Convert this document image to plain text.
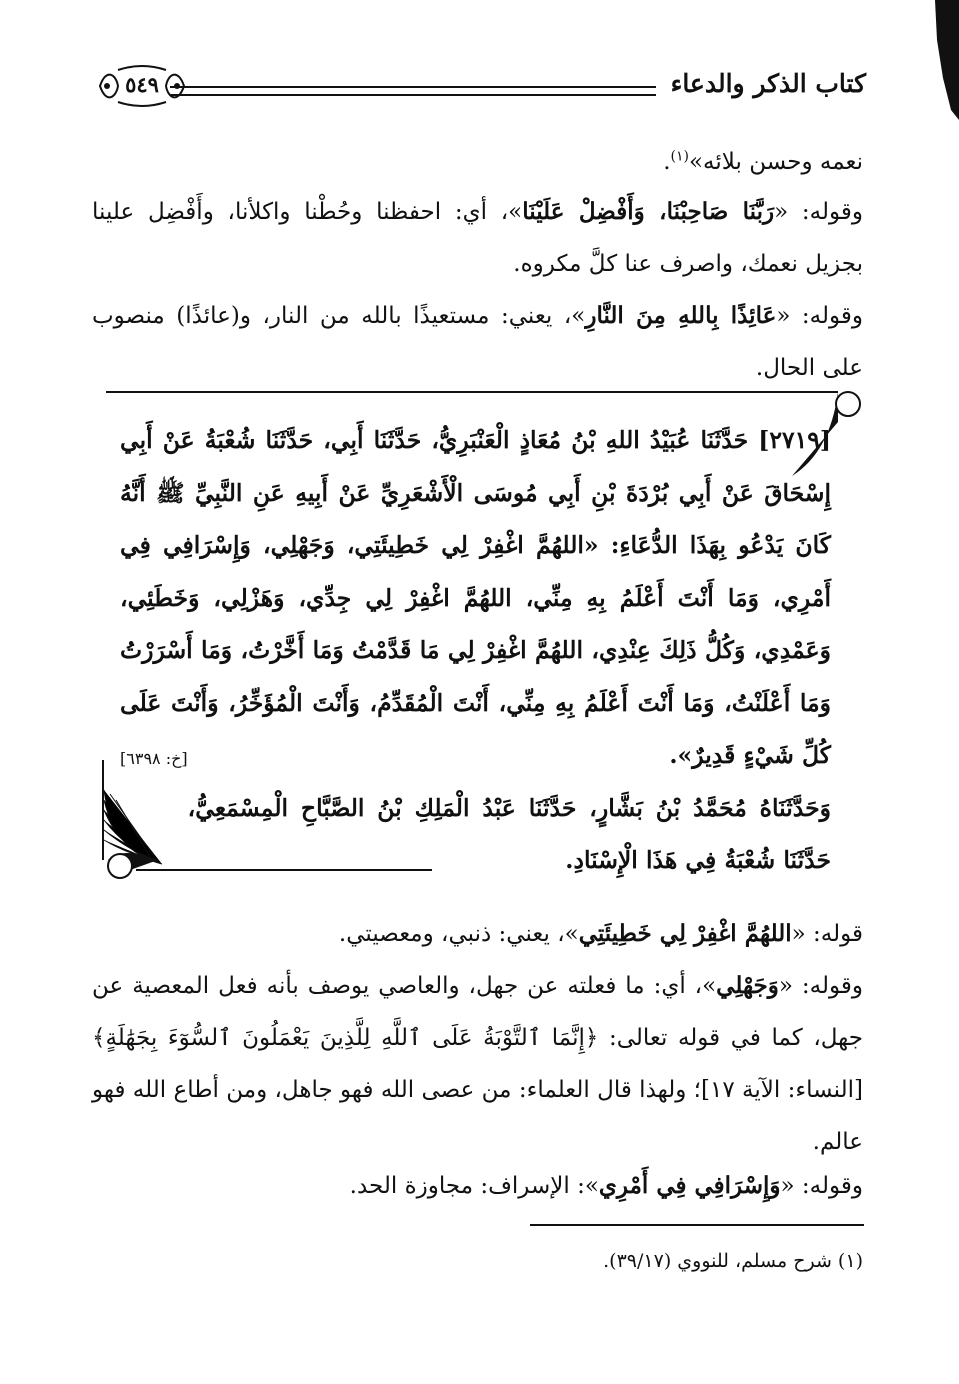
كتاب الذكر والدعاء
٥٤٩

نعمه وحسن بلائه»$^{(١)}$.

وقوله: «رَبَّنَا صَاحِبْنَا، وَأَفْضِلْ عَلَيْنَا»، أي: احفظنا وحُطْنا واكلأنا، وأَفْضِل علينا بجزيل نعمك، واصرف عنا كلَّ مكروه.

وقوله: «عَائِذًا بِاللهِ مِنَ النَّارِ»، يعني: مستعيذًا بالله من النار، و(عائذًا) منصوب على الحال.

[٢٧١٩] حَدَّثَنَا عُبَيْدُ اللهِ بْنُ مُعَاذٍ الْعَنْبَرِيُّ، حَدَّثَنَا أَبِي، حَدَّثَنَا شُعْبَةُ عَنْ أَبِي إِسْحَاقَ عَنْ أَبِي بُرْدَةَ بْنِ أَبِي مُوسَى الْأَشْعَرِيِّ عَنْ أَبِيهِ عَنِ النَّبِيِّ ﷺ أَنَّهُ كَانَ يَدْعُو بِهَذَا الدُّعَاءِ: «اللهُمَّ اغْفِرْ لِي خَطِيئَتِي، وَجَهْلِي، وَإِسْرَافِي فِي أَمْرِي، وَمَا أَنْتَ أَعْلَمُ بِهِ مِنِّي، اللهُمَّ اغْفِرْ لِي جِدِّي، وَهَزْلِي، وَخَطَئِي، وَعَمْدِي، وَكُلُّ ذَلِكَ عِنْدِي، اللهُمَّ اغْفِرْ لِي مَا قَدَّمْتُ وَمَا أَخَّرْتُ، وَمَا أَسْرَرْتُ وَمَا أَعْلَنْتُ، وَمَا أَنْتَ أَعْلَمُ بِهِ مِنِّي، أَنْتَ الْمُقَدِّمُ، وَأَنْتَ الْمُؤَخِّرُ، وَأَنْتَ عَلَى كُلِّ شَيْءٍ قَدِيرٌ».
[خ: ٦٣٩٨]

وَحَدَّثَنَاهُ مُحَمَّدُ بْنُ بَشَّارٍ، حَدَّثَنَا عَبْدُ الْمَلِكِ بْنُ الصَّبَّاحِ الْمِسْمَعِيُّ، حَدَّثَنَا شُعْبَةُ فِي هَذَا الْإِسْنَادِ.

قوله: «اللهُمَّ اغْفِرْ لِي خَطِيئَتِي»، يعني: ذنبي، ومعصيتي.

وقوله: «وَجَهْلِي»، أي: ما فعلته عن جهل، والعاصي يوصف بأنه فعل المعصية عن جهل، كما في قوله تعالى: ﴿إِنَّمَا ٱلتَّوْبَةُ عَلَى ٱللَّهِ لِلَّذِينَ يَعْمَلُونَ ٱلسُّوٓءَ بِجَهَٰلَةٍ﴾ [النساء: الآية ١٧]؛ ولهذا قال العلماء: من عصى الله فهو جاهل، ومن أطاع الله فهو عالم.

وقوله: «وَإِسْرَافِي فِي أَمْرِي»: الإسراف: مجاوزة الحد.

(١) شرح مسلم، للنووي (٣٩/١٧).
